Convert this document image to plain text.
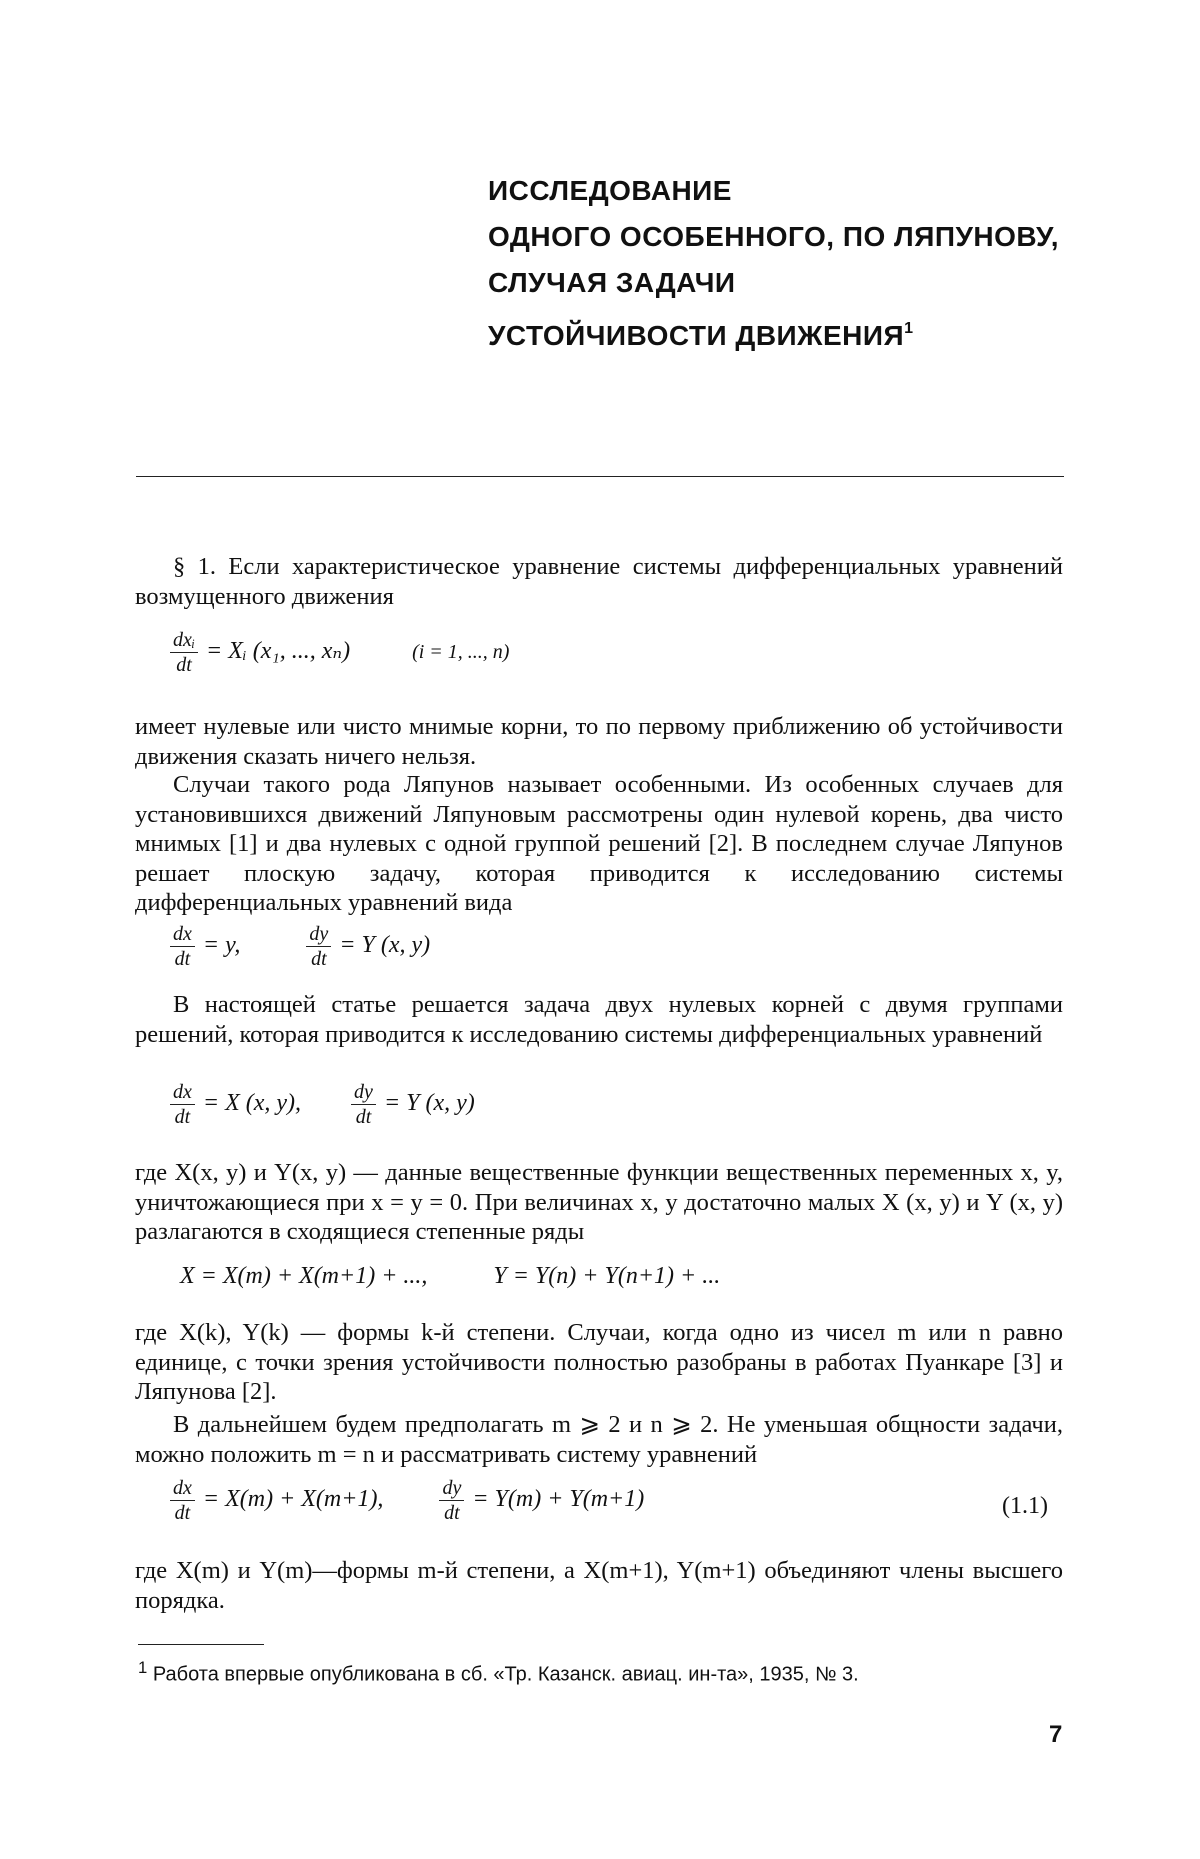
ИССЛЕДОВАНИЕ
ОДНОГО ОСОБЕННОГО, ПО ЛЯПУНОВУ,
СЛУЧАЯ ЗАДАЧИ
УСТОЙЧИВОСТИ ДВИЖЕНИЯ$^1$

§ 1. Если характеристическое уравнение системы дифференциальных уравнений возмущенного движения

$\frac{\text{dxᵢ}}{dt}$ = Xᵢ (x₁, ..., xₙ)	(i = 1, ..., n)

имеет нулевые или чисто мнимые корни, то по первому приближению об устойчивости движения сказать ничего нельзя.

Случаи такого рода Ляпунов называет особенными. Из особенных случаев для установившихся движений Ляпуновым рассмотрены один нулевой корень, два чисто мнимых [1] и два нулевых с одной группой решений [2]. В последнем случае Ляпунов решает плоскую задачу, которая приводится к исследованию системы дифференциальных уравнений вида

$\frac{dx}{dt} = y$,	$\frac{dy}{dt} = Y$ (x, y)

В настоящей статье решается задача двух нулевых корней с двумя группами решений, которая приводится к исследованию системы дифференциальных уравнений

$\frac{dx}{dt} = X$ (x, y),	$\frac{dy}{dt} = Y$ (x, y)

где X(x, y) и Y(x, y) — данные вещественные функции вещественных переменных x, y, уничтожающиеся при x = y = 0. При величинах x, y достаточно малых X (x, y) и Y (x, y) разлагаются в сходящиеся степенные ряды

X = X(m) + X(m+1) + ...,	Y = Y(n) + Y(n+1) + ...

где X(k), Y(k) — формы k-й степени. Случаи, когда одно из чисел m или n равно единице, с точки зрения устойчивости полностью разобраны в работах Пуанкаре [3] и Ляпунова [2].

В дальнейшем будем предполагать m ⩾ 2 и n ⩾ 2. Не уменьшая общности задачи, можно положить m = n и рассматривать систему уравнений

$\frac{dx}{dt} = X(m) + X(m+1)$,	$\frac{dy}{dt} = Y(m) + Y(m+1)$	(1.1)

где X(m) и Y(m)—формы m-й степени, а X(m+1), Y(m+1) объединяют члены высшего порядка.

$^1$ Работа впервые опубликована в сб. «Тр. Казанск. авиац. ин-та», 1935, № 3.

7
